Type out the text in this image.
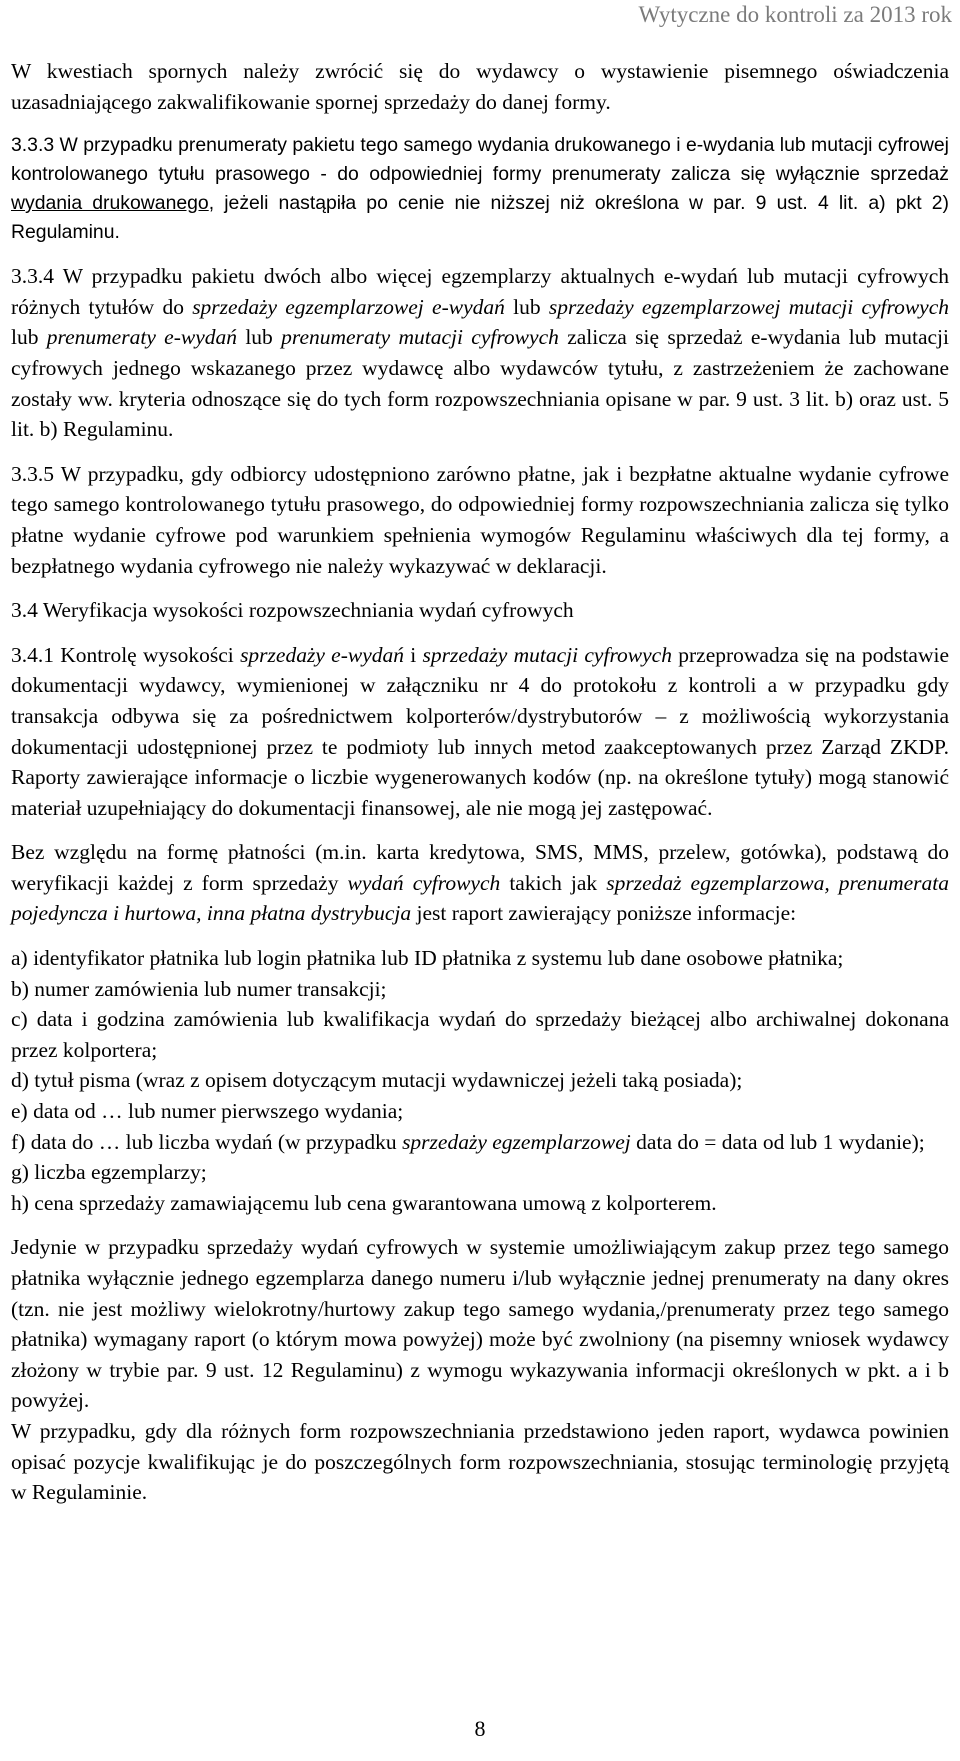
Wytyczne do kontroli za 2013 rok

W kwestiach spornych należy zwrócić się do wydawcy o wystawienie pisemnego oświadczenia uzasadniającego zakwalifikowanie spornej sprzedaży do danej formy.

3.3.3 W przypadku prenumeraty pakietu tego samego wydania drukowanego i e-wydania lub mutacji cyfrowej kontrolowanego tytułu prasowego - do odpowiedniej formy prenumeraty zalicza się wyłącznie sprzedaż wydania drukowanego, jeżeli nastąpiła po cenie nie niższej niż określona w par. 9 ust. 4 lit. a) pkt 2) Regulaminu.

3.3.4 W przypadku pakietu dwóch albo więcej egzemplarzy aktualnych e-wydań lub mutacji cyfrowych różnych tytułów do sprzedaży egzemplarzowej e-wydań lub sprzedaży egzemplarzowej mutacji cyfrowych lub prenumeraty e-wydań lub prenumeraty mutacji cyfrowych zalicza się sprzedaż e-wydania lub mutacji cyfrowych jednego wskazanego przez wydawcę albo wydawców tytułu, z zastrzeżeniem że zachowane zostały ww. kryteria odnoszące się do tych form rozpowszechniania opisane w par. 9 ust. 3 lit. b) oraz ust. 5 lit. b) Regulaminu.

3.3.5 W przypadku, gdy odbiorcy udostępniono zarówno płatne, jak i bezpłatne aktualne wydanie cyfrowe tego samego kontrolowanego tytułu prasowego, do odpowiedniej formy rozpowszechniania zalicza się tylko płatne wydanie cyfrowe pod warunkiem spełnienia wymogów Regulaminu właściwych dla tej formy, a bezpłatnego wydania cyfrowego nie należy wykazywać w deklaracji.

3.4 Weryfikacja wysokości rozpowszechniania wydań cyfrowych

3.4.1 Kontrolę wysokości sprzedaży e-wydań i sprzedaży mutacji cyfrowych przeprowadza się na podstawie dokumentacji wydawcy, wymienionej w załączniku nr 4 do protokołu z kontroli a w przypadku gdy transakcja odbywa się za pośrednictwem kolporterów/dystrybutorów – z możliwością wykorzystania dokumentacji udostępnionej przez te podmioty lub innych metod zaakceptowanych przez Zarząd ZKDP. Raporty zawierające informacje o liczbie wygenerowanych kodów (np. na określone tytuły) mogą stanowić materiał uzupełniający do dokumentacji finansowej, ale nie mogą jej zastępować.

Bez względu na formę płatności (m.in. karta kredytowa, SMS, MMS, przelew, gotówka), podstawą do weryfikacji każdej z form sprzedaży wydań cyfrowych takich jak sprzedaż egzemplarzowa, prenumerata pojedyncza i hurtowa, inna płatna dystrybucja jest raport zawierający poniższe informacje:

a) identyfikator płatnika lub login płatnika lub ID płatnika z systemu lub dane osobowe płatnika;
b) numer zamówienia lub numer transakcji;
c) data i godzina zamówienia lub kwalifikacja wydań do sprzedaży bieżącej albo archiwalnej dokonana przez kolportera;
d) tytuł pisma (wraz z opisem dotyczącym mutacji wydawniczej jeżeli taką posiada);
e) data od … lub numer pierwszego wydania;
f) data do … lub liczba wydań (w przypadku sprzedaży egzemplarzowej data do = data od lub 1 wydanie);
g) liczba egzemplarzy;
h) cena sprzedaży zamawiającemu lub cena gwarantowana umową z kolporterem.

Jedynie w przypadku sprzedaży wydań cyfrowych w systemie umożliwiającym zakup przez tego samego płatnika wyłącznie jednego egzemplarza danego numeru i/lub wyłącznie jednej prenumeraty na dany okres (tzn. nie jest możliwy wielokrotny/hurtowy zakup tego samego wydania,/prenumeraty przez tego samego płatnika) wymagany raport (o którym mowa powyżej) może być zwolniony (na pisemny wniosek wydawcy złożony w trybie par. 9 ust. 12 Regulaminu) z wymogu wykazywania informacji określonych w pkt. a i b powyżej.

W przypadku, gdy dla różnych form rozpowszechniania przedstawiono jeden raport, wydawca powinien opisać pozycje kwalifikując je do poszczególnych form rozpowszechniania, stosując terminologię przyjętą w Regulaminie.

8
